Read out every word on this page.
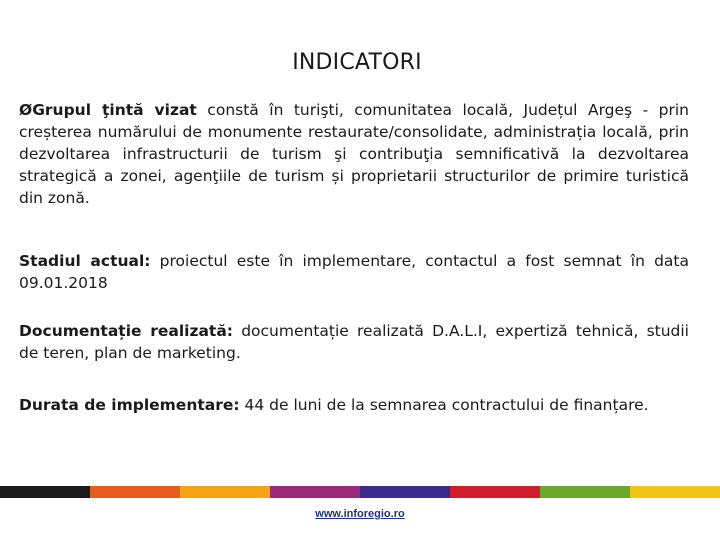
INDICATORI

ØGrupul ţintă vizat constă în turişti, comunitatea locală, Județul Argeş - prin creșterea numărului de monumente restaurate/consolidate, administrația locală, prin dezvoltarea infrastructurii de turism şi contribuţia semnificativă la dezvoltarea strategică a zonei, agenţiile de turism și proprietarii structurilor de primire turistică din zonă.

Stadiul actual: proiectul este în implementare, contactul a fost semnat în data 09.01.2018

Documentație realizată: documentație realizată D.A.L.I, expertiză tehnică, studii de teren, plan de marketing.

Durata de implementare: 44 de luni de la semnarea contractului de finanțare.

www.inforegio.ro
